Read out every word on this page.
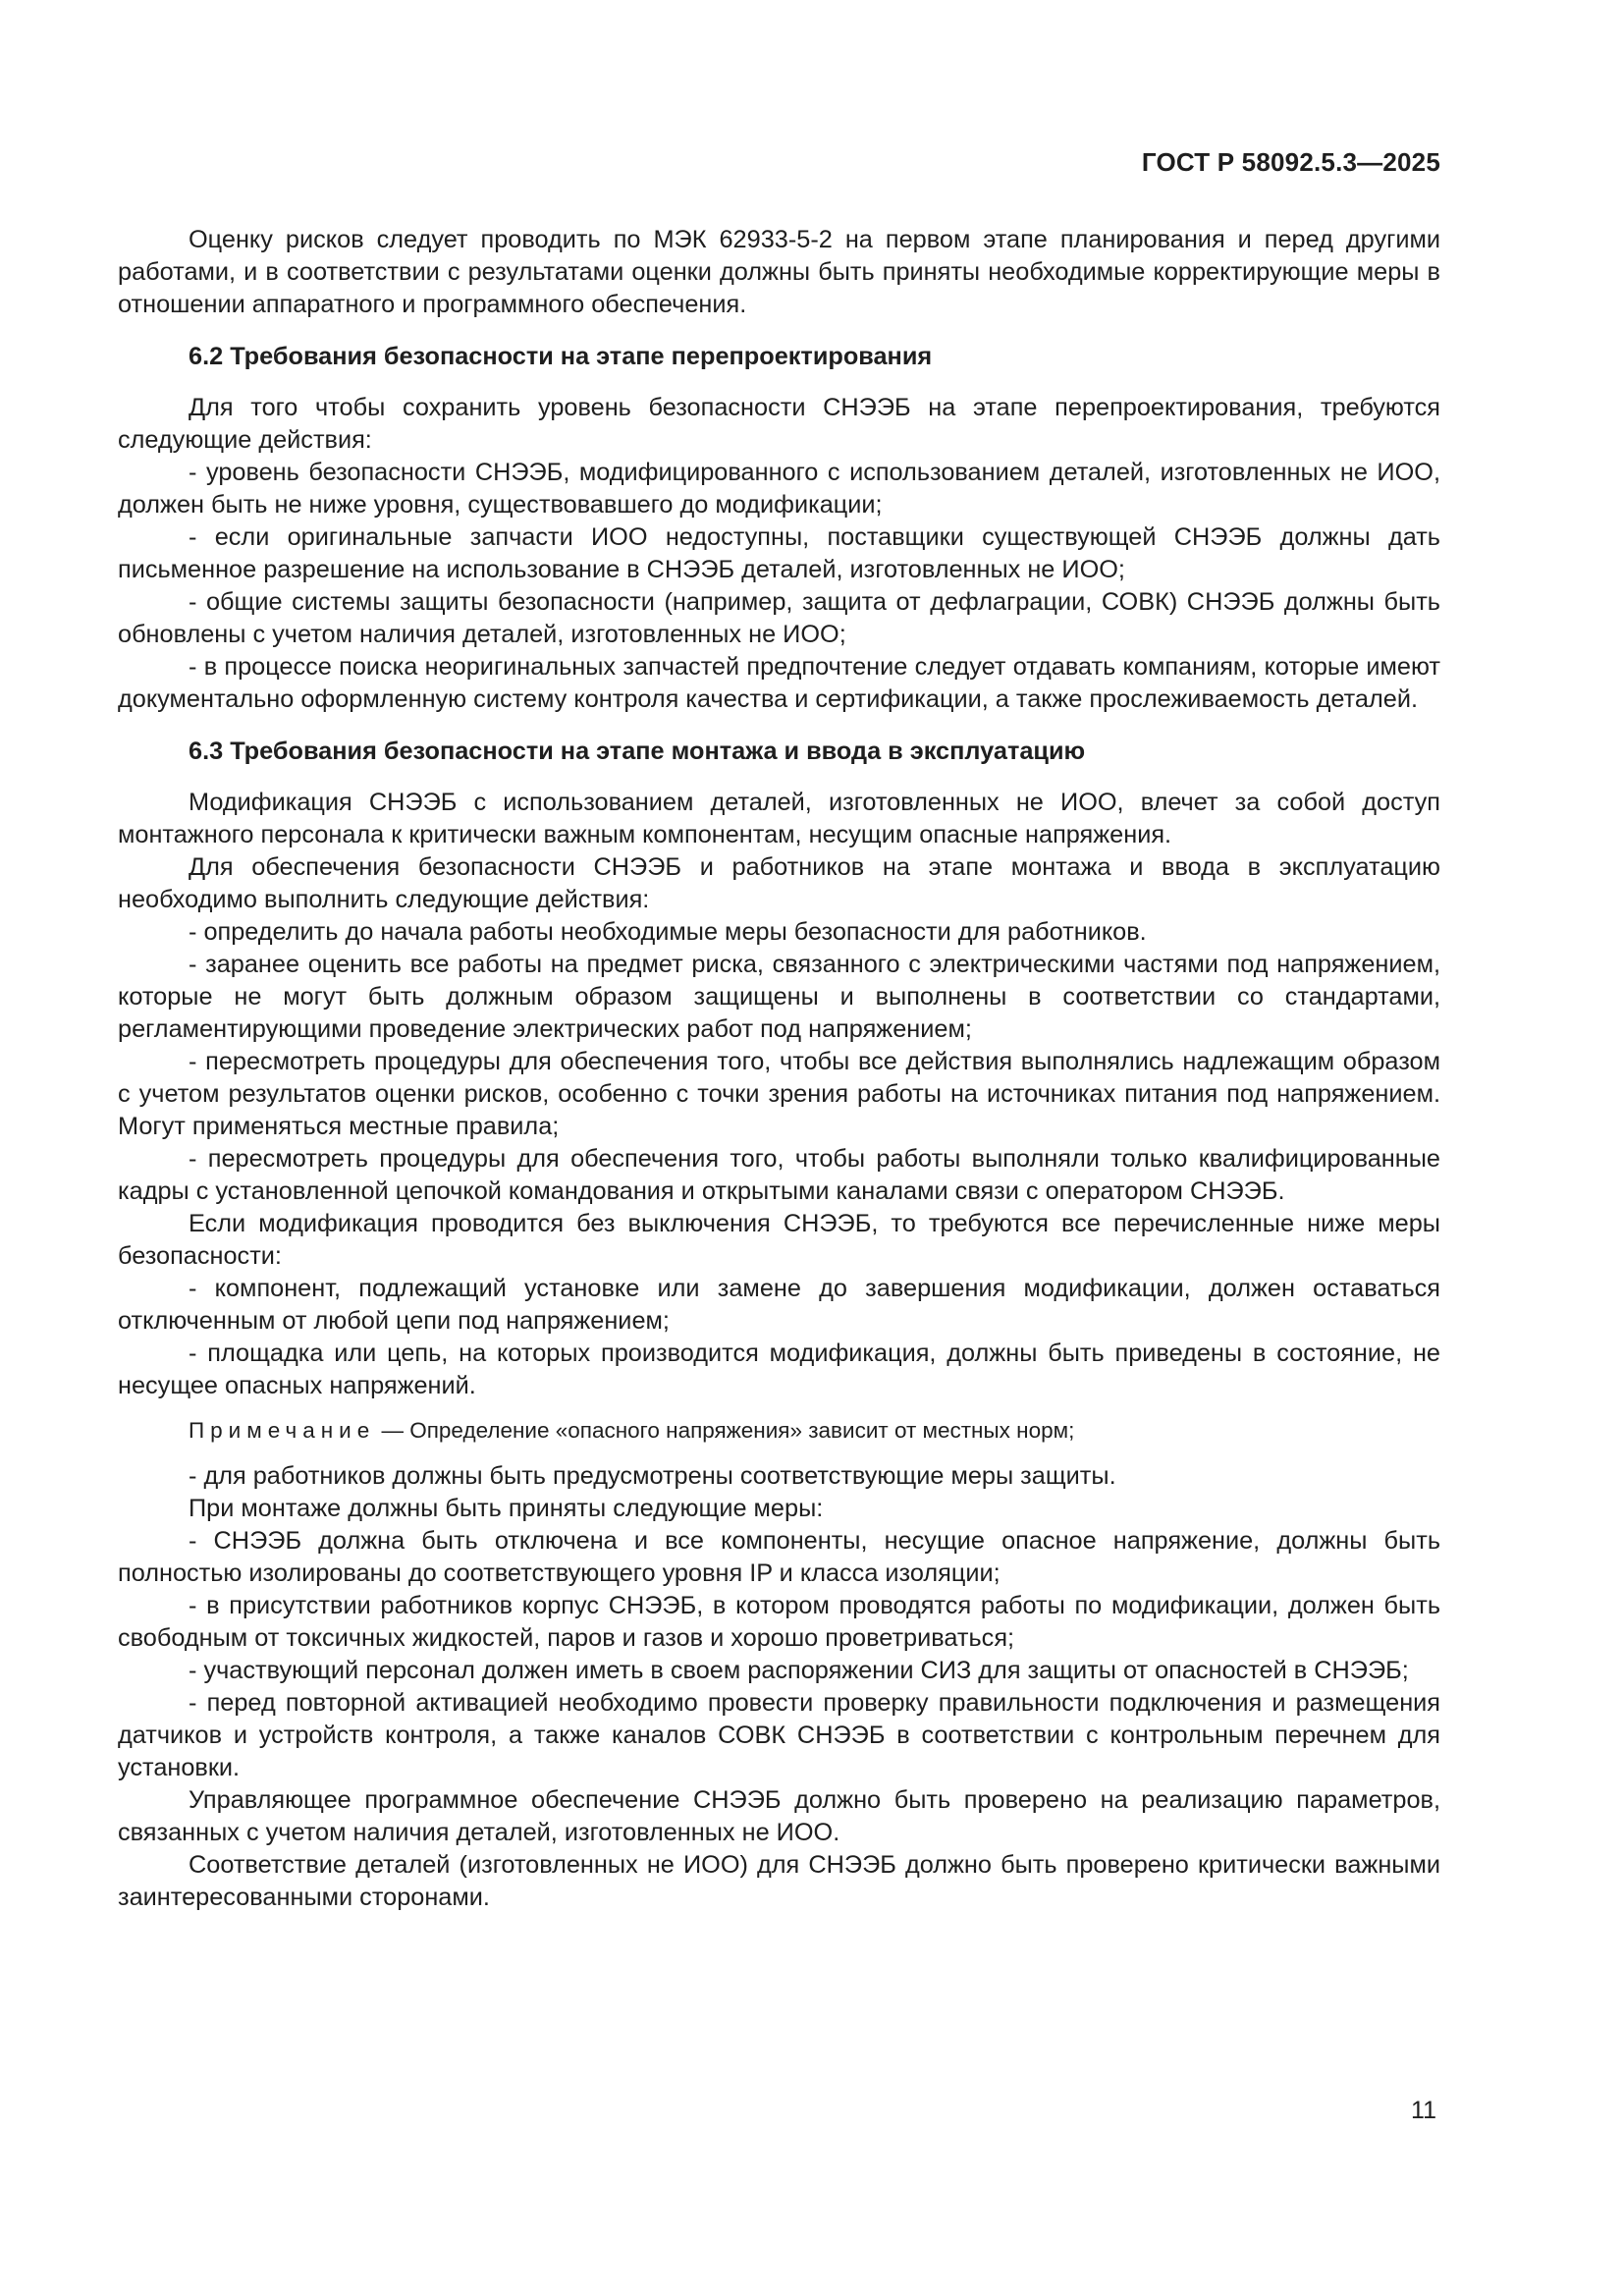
ГОСТ Р 58092.5.3—2025

Оценку рисков следует проводить по МЭК 62933-5-2 на первом этапе планирования и перед другими работами, и в соответствии с результатами оценки должны быть приняты необходимые корректирующие меры в отношении аппаратного и программного обеспечения.

6.2 Требования безопасности на этапе перепроектирования

Для того чтобы сохранить уровень безопасности СНЭЭБ на этапе перепроектирования, требуются следующие действия:

- уровень безопасности СНЭЭБ, модифицированного с использованием деталей, изготовленных не ИОО, должен быть не ниже уровня, существовавшего до модификации;

- если оригинальные запчасти ИОО недоступны, поставщики существующей СНЭЭБ должны дать письменное разрешение на использование в СНЭЭБ деталей, изготовленных не ИОО;

- общие системы защиты безопасности (например, защита от дефлаграции, СОВК) СНЭЭБ должны быть обновлены с учетом наличия деталей, изготовленных не ИОО;

- в процессе поиска неоригинальных запчастей предпочтение следует отдавать компаниям, которые имеют документально оформленную систему контроля качества и сертификации, а также прослеживаемость деталей.

6.3 Требования безопасности на этапе монтажа и ввода в эксплуатацию

Модификация СНЭЭБ с использованием деталей, изготовленных не ИОО, влечет за собой доступ монтажного персонала к критически важным компонентам, несущим опасные напряжения.

Для обеспечения безопасности СНЭЭБ и работников на этапе монтажа и ввода в эксплуатацию необходимо выполнить следующие действия:

- определить до начала работы необходимые меры безопасности для работников.

- заранее оценить все работы на предмет риска, связанного с электрическими частями под напряжением, которые не могут быть должным образом защищены и выполнены в соответствии со стандартами, регламентирующими проведение электрических работ под напряжением;

- пересмотреть процедуры для обеспечения того, чтобы все действия выполнялись надлежащим образом с учетом результатов оценки рисков, особенно с точки зрения работы на источниках питания под напряжением. Могут применяться местные правила;

- пересмотреть процедуры для обеспечения того, чтобы работы выполняли только квалифицированные кадры с установленной цепочкой командования и открытыми каналами связи с оператором СНЭЭБ.

Если модификация проводится без выключения СНЭЭБ, то требуются все перечисленные ниже меры безопасности:

- компонент, подлежащий установке или замене до завершения модификации, должен оставаться отключенным от любой цепи под напряжением;

- площадка или цепь, на которых производится модификация, должны быть приведены в состояние, не несущее опасных напряжений.

Примечание — Определение «опасного напряжения» зависит от местных норм;

- для работников должны быть предусмотрены соответствующие меры защиты.

При монтаже должны быть приняты следующие меры:

- СНЭЭБ должна быть отключена и все компоненты, несущие опасное напряжение, должны быть полностью изолированы до соответствующего уровня IP и класса изоляции;

- в присутствии работников корпус СНЭЭБ, в котором проводятся работы по модификации, должен быть свободным от токсичных жидкостей, паров и газов и хорошо проветриваться;

- участвующий персонал должен иметь в своем распоряжении СИЗ для защиты от опасностей в СНЭЭБ;

- перед повторной активацией необходимо провести проверку правильности подключения и размещения датчиков и устройств контроля, а также каналов СОВК СНЭЭБ в соответствии с контрольным перечнем для установки.

Управляющее программное обеспечение СНЭЭБ должно быть проверено на реализацию параметров, связанных с учетом наличия деталей, изготовленных не ИОО.

Соответствие деталей (изготовленных не ИОО) для СНЭЭБ должно быть проверено критически важными заинтересованными сторонами.

11
